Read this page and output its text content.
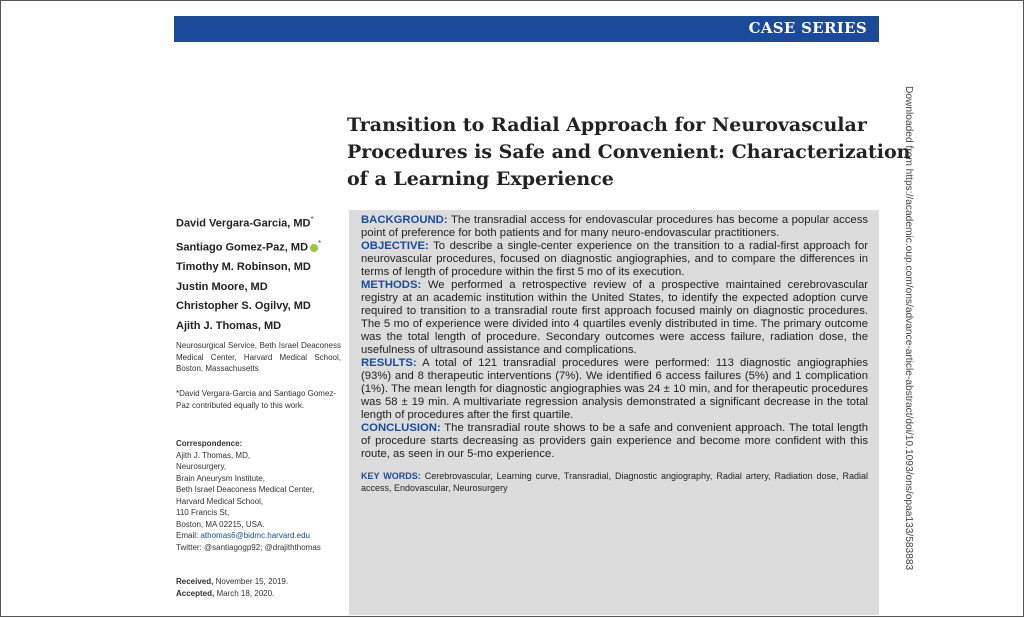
CASE SERIES
Transition to Radial Approach for Neurovascular
Procedures is Safe and Convenient: Characterization
of a Learning Experience
David Vergara-Garcia, MD*
Santiago Gomez-Paz, MD *
Timothy M. Robinson, MD
Justin Moore, MD
Christopher S. Ogilvy, MD
Ajith J. Thomas, MD
Neurosurgical Service, Beth Israel Deaconess Medical Center, Harvard Medical School, Boston, Massachusetts
*David Vergara-Garcia and Santiago Gomez-Paz contributed equally to this work.
Correspondence:
Ajith J. Thomas, MD,
Neurosurgery,
Brain Aneurysm Institute,
Beth Israel Deaconess Medical Center,
Harvard Medical School,
110 Francis St,
Boston, MA 02215, USA.
Email: athomas6@bidmc.harvard.edu
Twitter: @santiagogp92; @drajiththomas
Received, November 15, 2019.
Accepted, March 18, 2020.

BACKGROUND: The transradial access for endovascular procedures has become a popular access point of preference for both patients and for many neuro-endovascular practitioners.

OBJECTIVE: To describe a single-center experience on the transition to a radial-first approach for neurovascular procedures, focused on diagnostic angiographies, and to compare the differences in terms of length of procedure within the first 5 mo of its execution.

METHODS: We performed a retrospective review of a prospective maintained cerebrovascular registry at an academic institution within the United States, to identify the expected adoption curve required to transition to a transradial route first approach focused mainly on diagnostic procedures. The 5 mo of experience were divided into 4 quartiles evenly distributed in time. The primary outcome was the total length of procedure. Secondary outcomes were access failure, radiation dose, the usefulness of ultrasound assistance and complications.

RESULTS: A total of 121 transradial procedures were performed: 113 diagnostic angiographies (93%) and 8 therapeutic interventions (7%). We identified 6 access failures (5%) and 1 complication (1%). The mean length for diagnostic angiographies was 24 ± 10 min, and for therapeutic procedures was 58 ± 19 min. A multivariate regression analysis demonstrated a significant decrease in the total length of procedures after the first quartile.

CONCLUSION: The transradial route shows to be a safe and convenient approach. The total length of procedure starts decreasing as providers gain experience and become more confident with this route, as seen in our 5-mo experience.

KEY WORDS: Cerebrovascular, Learning curve, Transradial, Diagnostic angiography, Radial artery, Radiation dose, Radial access, Endovascular, Neurosurgery	Downloaded from https://academic.oup.com/ons/advance-article-abstract/doi/10.1093/ons/opaa133/583883
